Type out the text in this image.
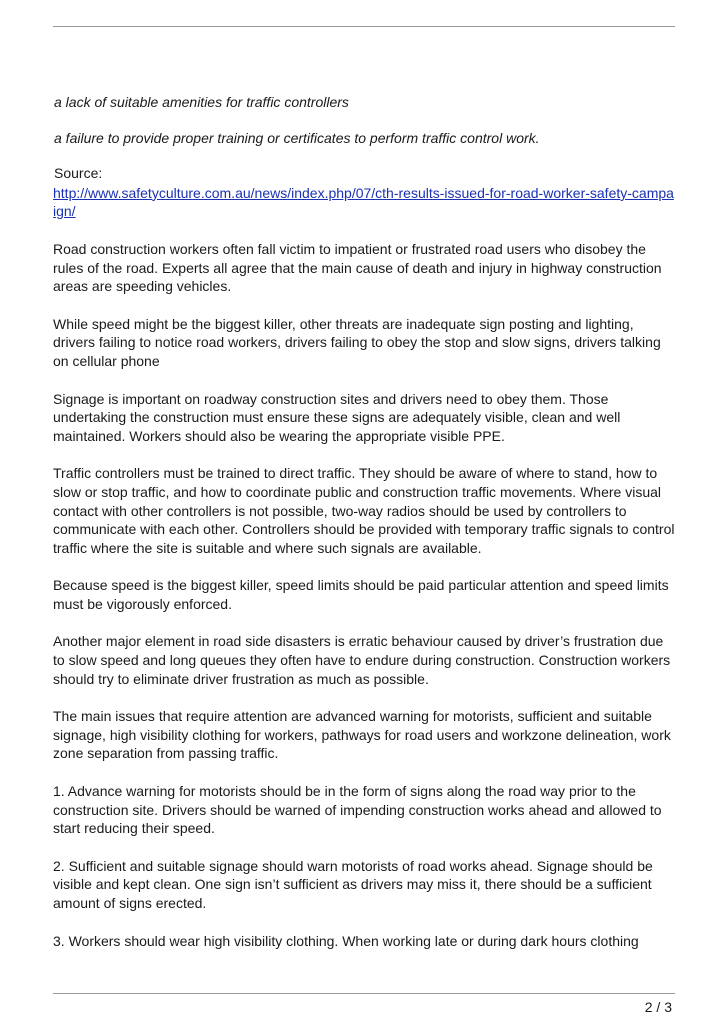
a lack of suitable amenities for traffic controllers
a failure to provide proper training or certificates to perform traffic control work.
Source:
http://www.safetyculture.com.au/news/index.php/07/cth-results-issued-for-road-worker-safety-campaign/

Road construction workers often fall victim to impatient or frustrated road users who disobey the rules of the road. Experts all agree that the main cause of death and injury in highway construction areas are speeding vehicles.

While speed might be the biggest killer, other threats are inadequate sign posting and lighting, drivers failing to notice road workers, drivers failing to obey the stop and slow signs, drivers talking on cellular phone

Signage is important on roadway construction sites and drivers need to obey them. Those undertaking the construction must ensure these signs are adequately visible, clean and well maintained. Workers should also be wearing the appropriate visible PPE.

Traffic controllers must be trained to direct traffic. They should be aware of where to stand, how to slow or stop traffic, and how to coordinate public and construction traffic movements. Where visual contact with other controllers is not possible, two-way radios should be used by controllers to communicate with each other. Controllers should be provided with temporary traffic signals to control traffic where the site is suitable and where such signals are available.

Because speed is the biggest killer, speed limits should be paid particular attention and speed limits must be vigorously enforced.

Another major element in road side disasters is erratic behaviour caused by driver’s frustration due to slow speed and long queues they often have to endure during construction. Construction workers should try to eliminate driver frustration as much as possible.

The main issues that require attention are advanced warning for motorists, sufficient and suitable signage, high visibility clothing for workers, pathways for road users and workzone delineation, work zone separation from passing traffic.

1. Advance warning for motorists should be in the form of signs along the road way prior to the construction site. Drivers should be warned of impending construction works ahead and allowed to start reducing their speed.

2. Sufficient and suitable signage should warn motorists of road works ahead. Signage should be visible and kept clean. One sign isn’t sufficient as drivers may miss it, there should be a sufficient amount of signs erected.

3. Workers should wear high visibility clothing. When working late or during dark hours clothing

2 / 3
